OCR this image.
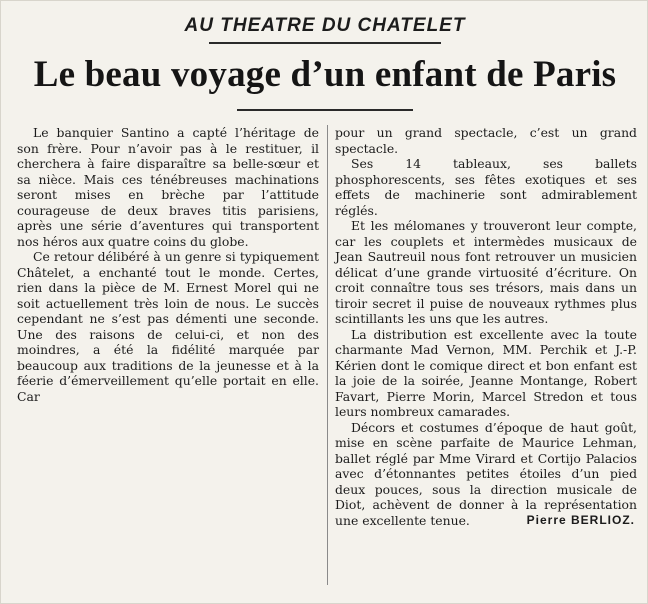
AU THEATRE DU CHATELET
Le beau voyage d’un enfant de Paris

Le banquier Santino a capté l’héritage de son frère. Pour n’avoir pas à le restituer, il cherchera à faire disparaître sa belle-sœur et sa nièce. Mais ces ténébreuses machinations seront mises en brèche par l’attitude courageuse de deux braves titis parisiens, après une série d’aventures qui transportent nos héros aux quatre coins du globe.

Ce retour délibéré à un genre si typiquement Châtelet, a enchanté tout le monde. Certes, rien dans la pièce de M. Ernest Morel qui ne soit actuellement très loin de nous. Le succès cependant ne s’est pas démenti une seconde. Une des raisons de celui-ci, et non des moindres, a été la fidélité marquée par beaucoup aux traditions de la jeunesse et à la féerie d’émerveillement qu’elle portait en elle. Car

pour un grand spectacle, c’est un grand spectacle.

Ses 14 tableaux, ses ballets phosphorescents, ses fêtes exotiques et ses effets de machinerie sont admirablement réglés.

Et les mélomanes y trouveront leur compte, car les couplets et intermèdes musicaux de Jean Sautreuil nous font retrouver un musicien délicat d’une grande virtuosité d’écriture. On croit connaître tous ses trésors, mais dans un tiroir secret il puise de nouveaux rythmes plus scintillants les uns que les autres.

La distribution est excellente avec la toute charmante Mad Vernon, MM. Perchik et J.-P. Kérien dont le comique direct et bon enfant est la joie de la soirée, Jeanne Montange, Robert Favart, Pierre Morin, Marcel Stredon et tous leurs nombreux camarades.

Décors et costumes d’époque de haut goût, mise en scène parfaite de Maurice Lehman, ballet réglé par Mme Virard et Cortijo Palacios avec d’étonnantes petites étoiles d’un pied deux pouces, sous la direction musicale de Diot, achèvent de donner à la représentation une excellente tenue.	Pierre BERLIOZ.
